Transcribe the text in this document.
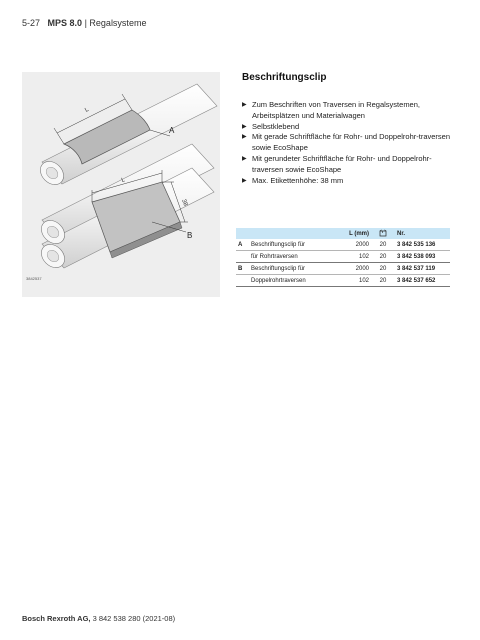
5-27 MPS 8.0 | Regalsysteme
L
L
38
A
B
3842537
Beschriftungsclip
▶ Zum Beschriften von Traversen in Regalsystemen, Arbeitsplätzen und Materialwagen
▶ Selbstklebend
▶ Mit gerade Schriftfläche für Rohr- und Doppelrohr-traversen sowie EcoShape
▶ Mit gerundeter Schriftfläche für Rohr- und Doppelrohr-traversen sowie EcoShape
▶ Max. Etikettenhöhe: 38 mm
		L (mm)		Nr.
A	Beschriftungsclip für	2000	20	3 842 535 136
	für Rohrtraversen	102	20	3 842 538 093
B	Beschriftungsclip für	2000	20	3 842 537 119
	Doppelrohrtraversen	102	20	3 842 537 652
Bosch Rexroth AG, 3 842 538 280 (2021-08)
